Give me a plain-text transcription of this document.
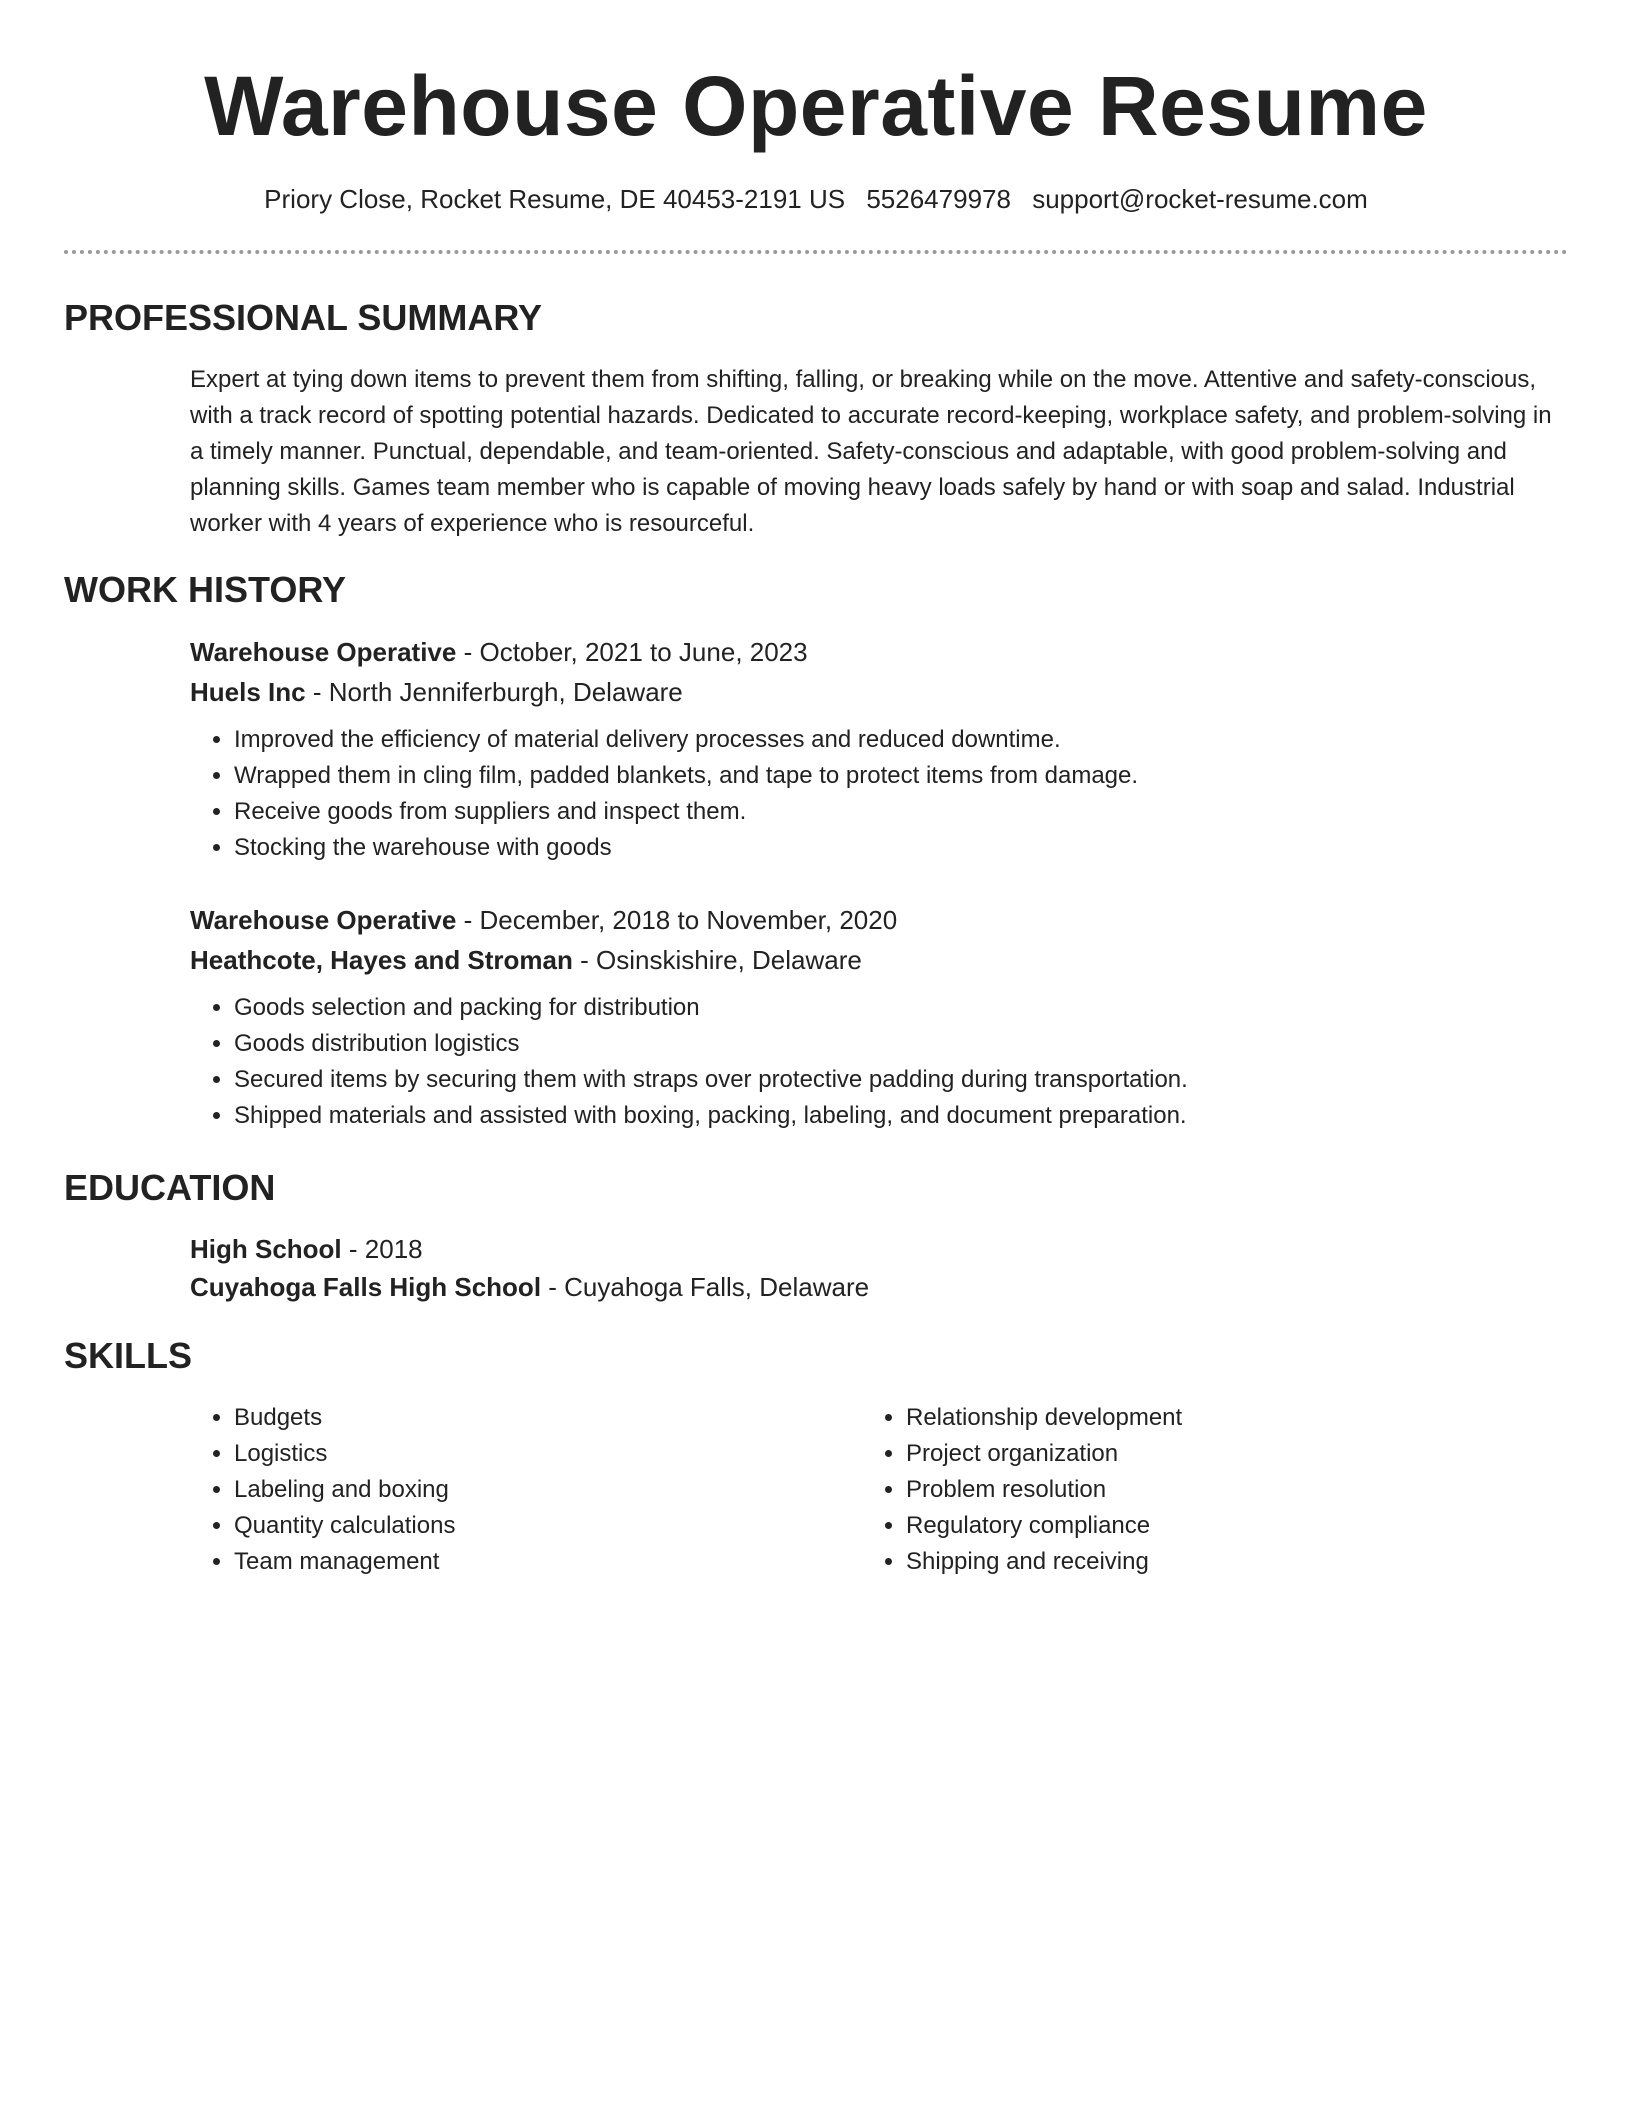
Warehouse Operative Resume
Priory Close, Rocket Resume, DE 40453-2191 US 5526479978 support@rocket-resume.com
PROFESSIONAL SUMMARY

Expert at tying down items to prevent them from shifting, falling, or breaking while on the move. Attentive and safety-conscious, with a track record of spotting potential hazards. Dedicated to accurate record-keeping, workplace safety, and problem-solving in a timely manner. Punctual, dependable, and team-oriented. Safety-conscious and adaptable, with good problem-solving and planning skills. Games team member who is capable of moving heavy loads safely by hand or with soap and salad. Industrial worker with 4 years of experience who is resourceful.

WORK HISTORY

Warehouse Operative - October, 2021 to June, 2023

Huels Inc - North Jenniferburgh, Delaware

• Improved the efficiency of material delivery processes and reduced downtime.
• Wrapped them in cling film, padded blankets, and tape to protect items from damage.
• Receive goods from suppliers and inspect them.
• Stocking the warehouse with goods

Warehouse Operative - December, 2018 to November, 2020

Heathcote, Hayes and Stroman - Osinskishire, Delaware

• Goods selection and packing for distribution
• Goods distribution logistics
• Secured items by securing them with straps over protective padding during transportation.
• Shipped materials and assisted with boxing, packing, labeling, and document preparation.
EDUCATION

High School - 2018

Cuyahoga Falls High School - Cuyahoga Falls, Delaware

SKILLS
• Budgets
• Logistics
• Labeling and boxing
• Quantity calculations
• Team management
• Relationship development
• Project organization
• Problem resolution
• Regulatory compliance
• Shipping and receiving
